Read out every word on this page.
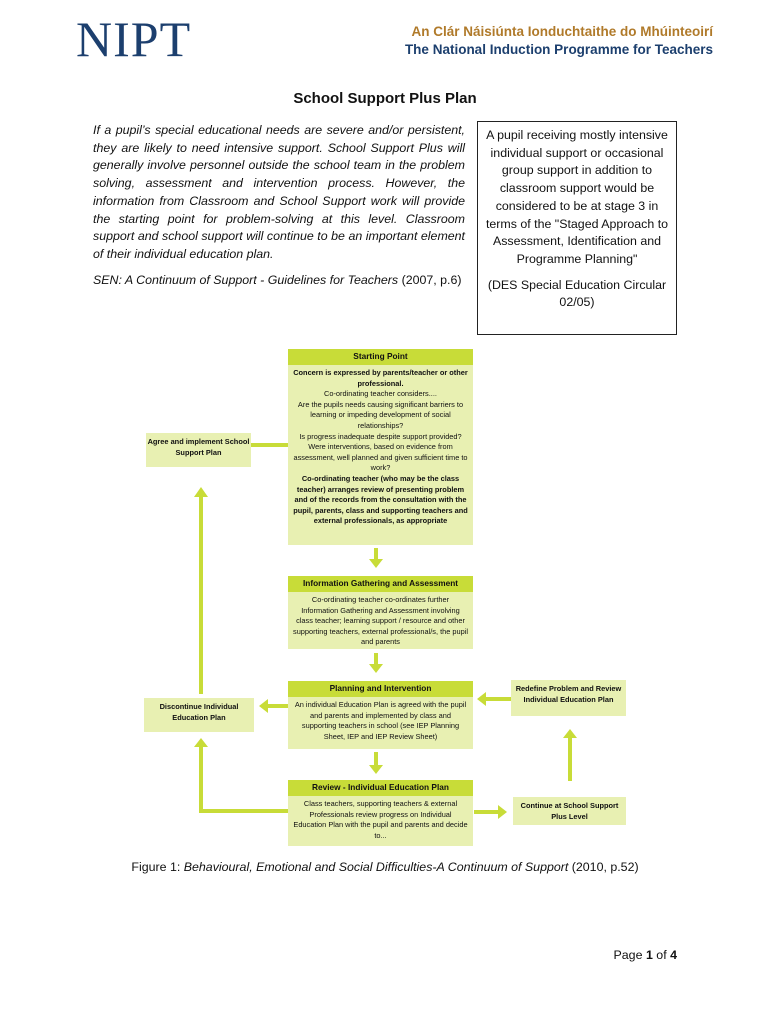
NIPT	An Clár Náisiúnta Ionduchtaithe do Mhúinteoirí
The National Induction Programme for Teachers
School Support Plus Plan
If a pupil’s special educational needs are severe and/or persistent, they are likely to need intensive support. School Support Plus will generally involve personnel outside the school team in the problem solving, assessment and intervention process. However, the information from Classroom and School Support work will provide the starting point for problem-solving at this level. Classroom support and school support will continue to be an important element of their individual education plan.
SEN: A Continuum of Support - Guidelines for Teachers (2007, p.6)

A pupil receiving mostly intensive individual support or occasional group support in addition to classroom support would be considered to be at stage 3 in terms of the "Staged Approach to Assessment, Identification and Programme Planning"

(DES Special Education Circular 02/05)

Starting Point

Concern is expressed by parents/teacher or other professional.

Co-ordinating teacher considers....

Are the pupils needs causing significant barriers to learning or impeding development of social relationships?

Is progress inadequate despite support provided?

Were interventions, based on evidence from assessment, well planned and given sufficient time to work?

Co-ordinating teacher (who may be the class teacher) arranges review of presenting problem and of the records from the consultation with the pupil, parents, class and supporting teachers and external professionals, as appropriate

Information Gathering and Assessment

Co-ordinating teacher co-ordinates further Information Gathering and Assessment involving class teacher; learning support / resource and other supporting teachers, external professional/s, the pupil and parents

Planning and Intervention

An individual Education Plan is agreed with the pupil and parents and implemented by class and supporting teachers in school (see IEP Planning Sheet, IEP and IEP Review Sheet)

Review - Individual Education Plan

Class teachers, supporting teachers & external Professionals review progress on Individual Education Plan with the pupil and parents and decide to...

Agree and implement School Support Plan
Discontinue Individual Education Plan
Redefine Problem and Review Individual Education Plan
Continue at School Support Plus Level
Figure 1: Behavioural, Emotional and Social Difficulties-A Continuum of Support (2010, p.52)
Page 1 of 4
